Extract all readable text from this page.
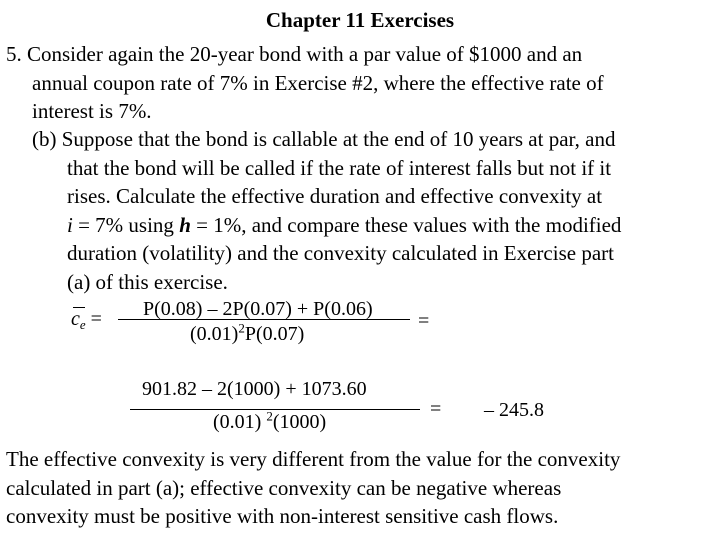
Chapter 11 Exercises
5. Consider again the 20-year bond with a par value of $1000 and an
annual coupon rate of 7% in Exercise #2, where the effective rate of
interest is 7%.
(b) Suppose that the bond is callable at the end of 10 years at par, and
that the bond will be called if the rate of interest falls but not if it
rises. Calculate the effective duration and effective convexity at
i = 7% using h = 1%, and compare these values with the modified
duration (volatility) and the convexity calculated in Exercise part
(a) of this exercise.
$c_e = P(0.08) - 2P(0.07) + P(0.06)$
$(0.01)^2P(0.07)$
=
901.82 – 2(1000) + 1073.60
(0.01) $^2$(1000)
= – 245.8
The effective convexity is very different from the value for the convexity
calculated in part (a); effective convexity can be negative whereas
convexity must be positive with non-interest sensitive cash flows.
